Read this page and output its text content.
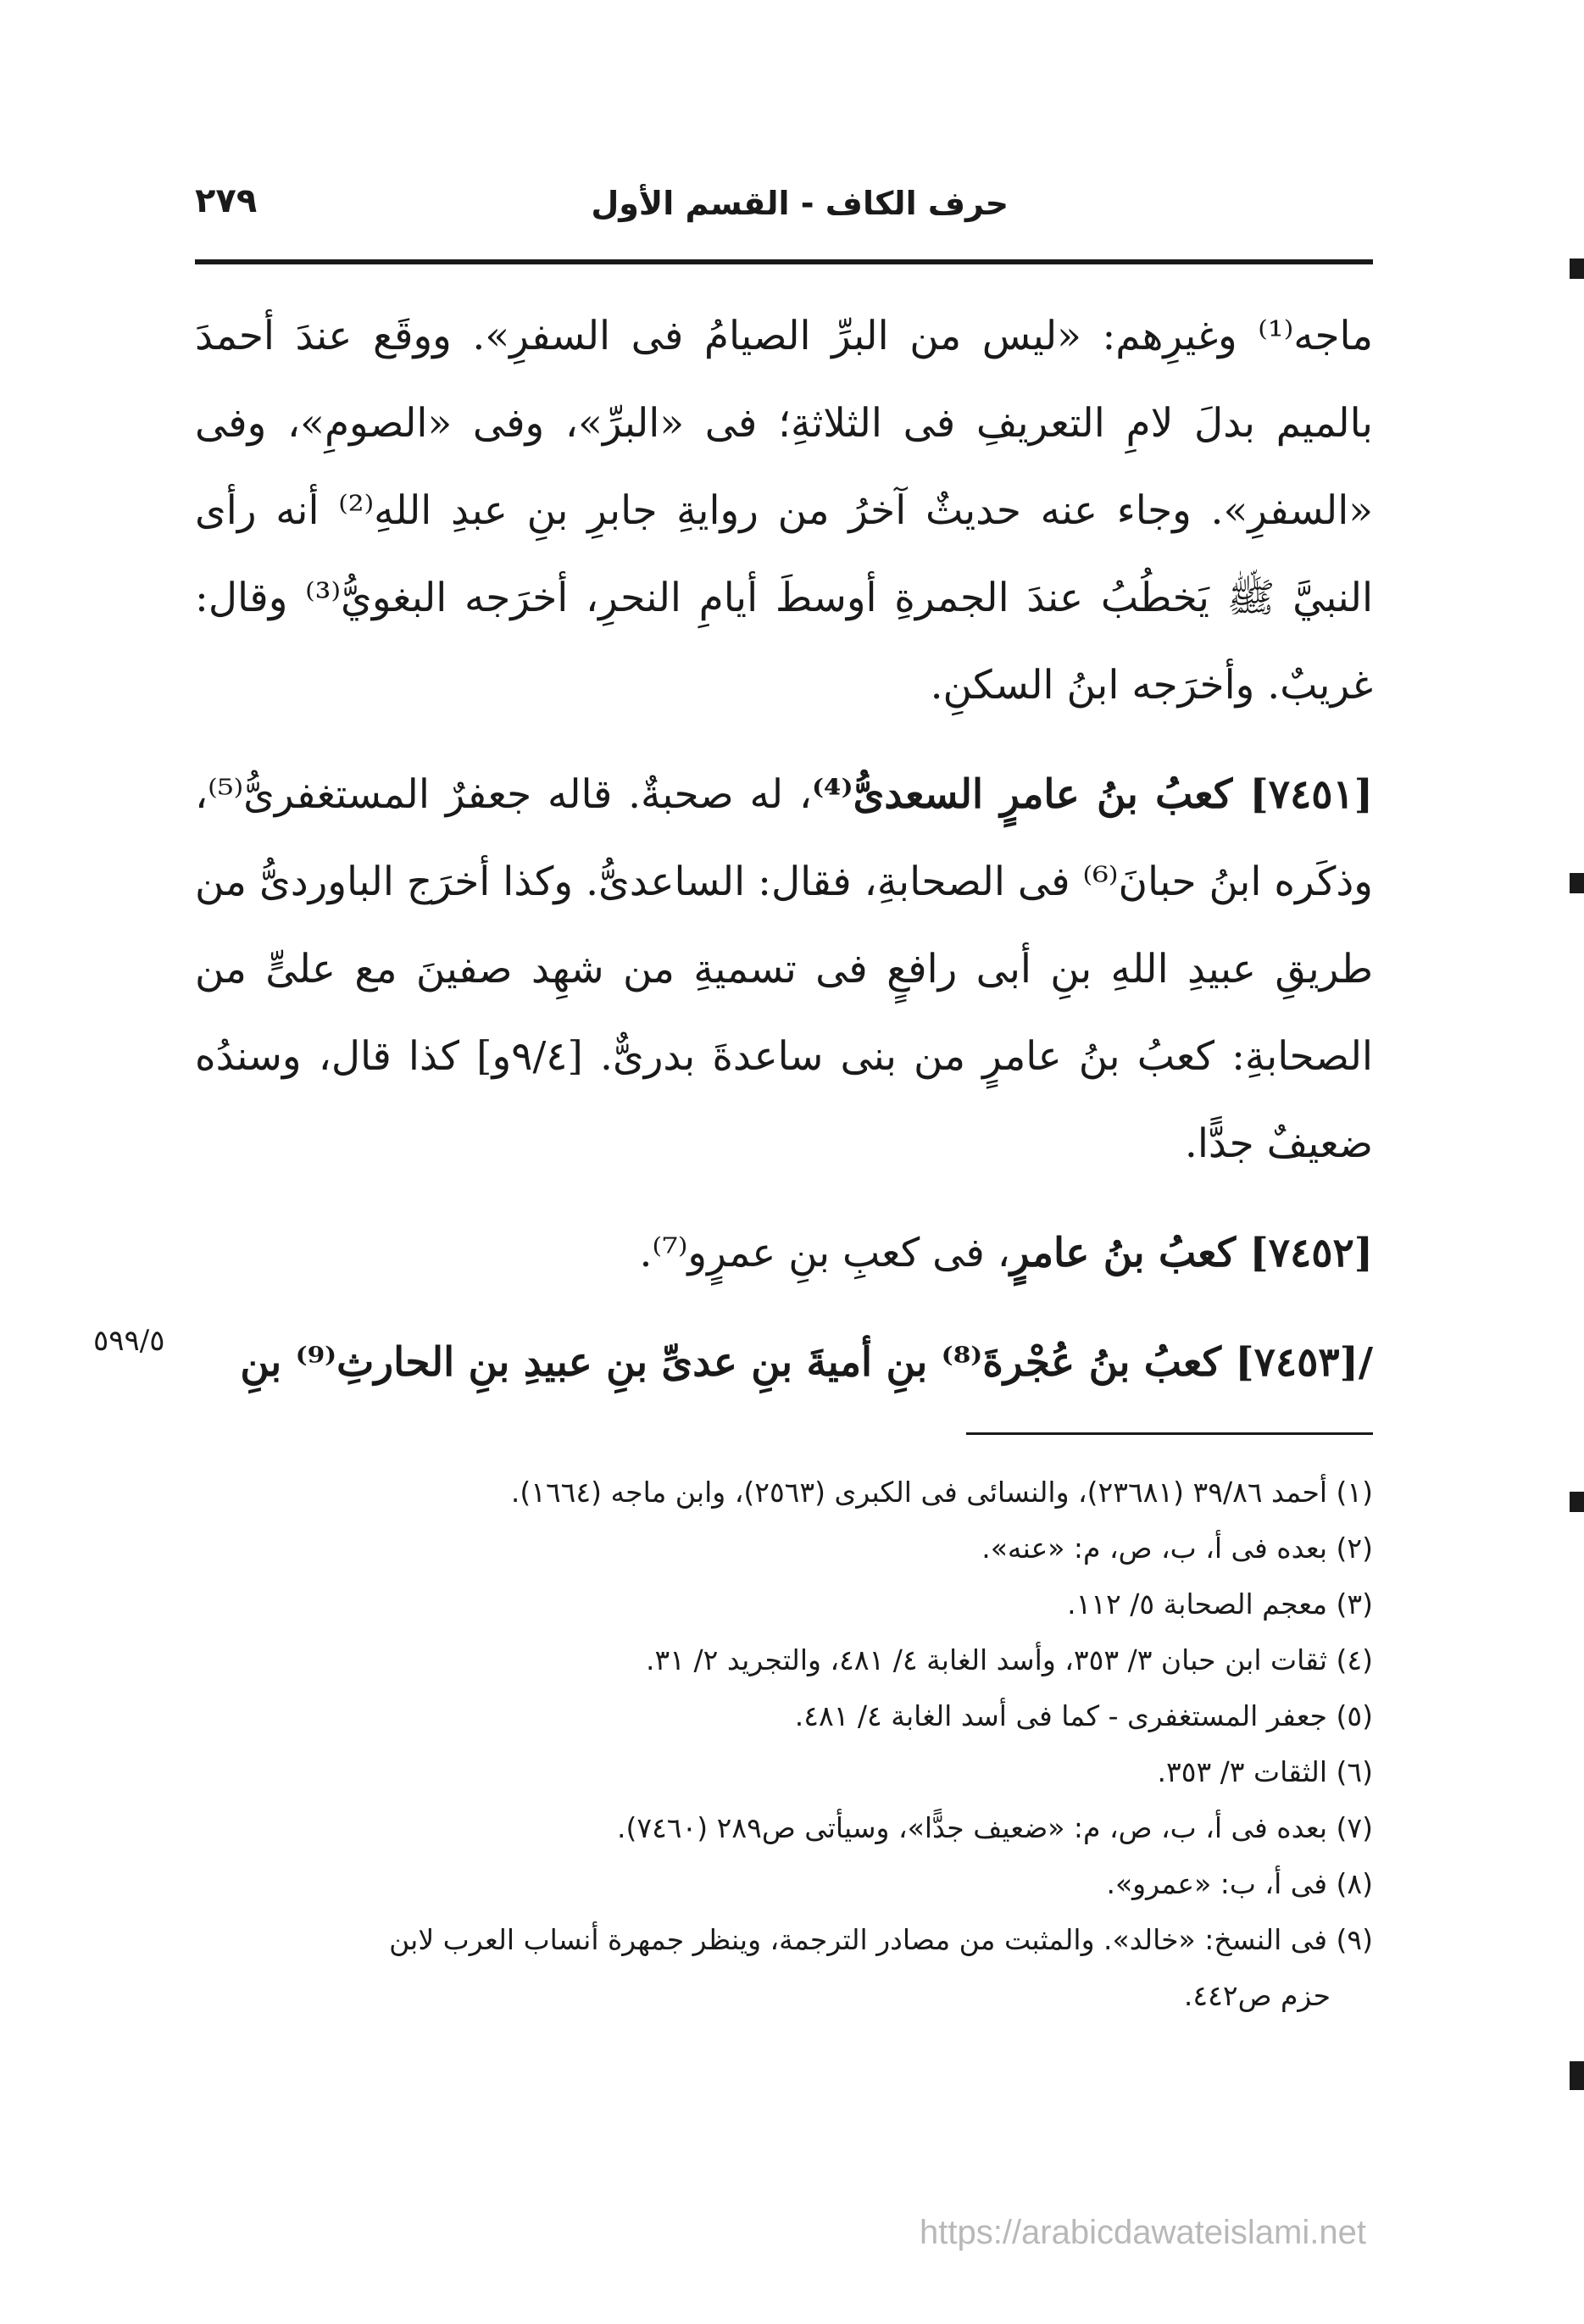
حرف الكاف - القسم الأول
٢٧٩

ماجه⁽¹⁾ وغيرِهم: «ليس من البرِّ الصيامُ فى السفرِ». ووقَع عندَ أحمدَ بالميم بدلَ لامِ التعريفِ فى الثلاثةِ؛ فى «البرِّ»، وفى «الصومِ»، وفى «السفرِ». وجاء عنه حديثٌ آخرُ من روايةِ جابرِ بنِ عبدِ اللهِ⁽²⁾ أنه رأى النبيَّ ﷺ يَخطُبُ عندَ الجمرةِ أوسطَ أيامِ النحرِ، أخرَجه البغويُّ⁽³⁾ وقال: غريبٌ. وأخرَجه ابنُ السكنِ.

[٧٤٥١] كعبُ بنُ عامرٍ السعدىُّ⁽⁴⁾، له صحبةٌ. قاله جعفرٌ المستغفرىُّ⁽⁵⁾، وذكَره ابنُ حبانَ⁽⁶⁾ فى الصحابةِ، فقال: الساعدىُّ. وكذا أخرَج الباوردىُّ من طريقِ عبيدِ اللهِ بنِ أبى رافعٍ فى تسميةِ من شهِد صفينَ مع علىٍّ من الصحابةِ: كعبُ بنُ عامرٍ من بنى ساعدةَ بدرىٌّ. [٩/٤و] كذا قال، وسندُه ضعيفٌ جدًّا.

[٧٤٥٢] كعبُ بنُ عامرٍ، فى كعبِ بنِ عمرٍو⁽⁷⁾.

/[٧٤٥٣] كعبُ بنُ عُجْرةَ⁽⁸⁾ بنِ أميةَ بنِ عدىِّ بنِ عبيدِ بنِ الحارثِ⁽⁹⁾ بنِ

٥٩٩/٥
(١) أحمد ٣٩/٨٦ (٢٣٦٨١)، والنسائى فى الكبرى (٢٥٦٣)، وابن ماجه (١٦٦٤).
(٢) بعده فى أ، ب، ص، م: «عنه».
(٣) معجم الصحابة ٥/ ١١٢.
(٤) ثقات ابن حبان ٣/ ٣٥٣، وأسد الغابة ٤/ ٤٨١، والتجريد ٢/ ٣١.
(٥) جعفر المستغفرى - كما فى أسد الغابة ٤/ ٤٨١.
(٦) الثقات ٣/ ٣٥٣.
(٧) بعده فى أ، ب، ص، م: «ضعيف جدًّا»، وسيأتى ص٢٨٩ (٧٤٦٠).
(٨) فى أ، ب: «عمرو».
(٩) فى النسخ: «خالد». والمثبت من مصادر الترجمة، وينظر جمهرة أنساب العرب لابن
حزم ص٤٤٢.
https://arabicdawateislami.net
